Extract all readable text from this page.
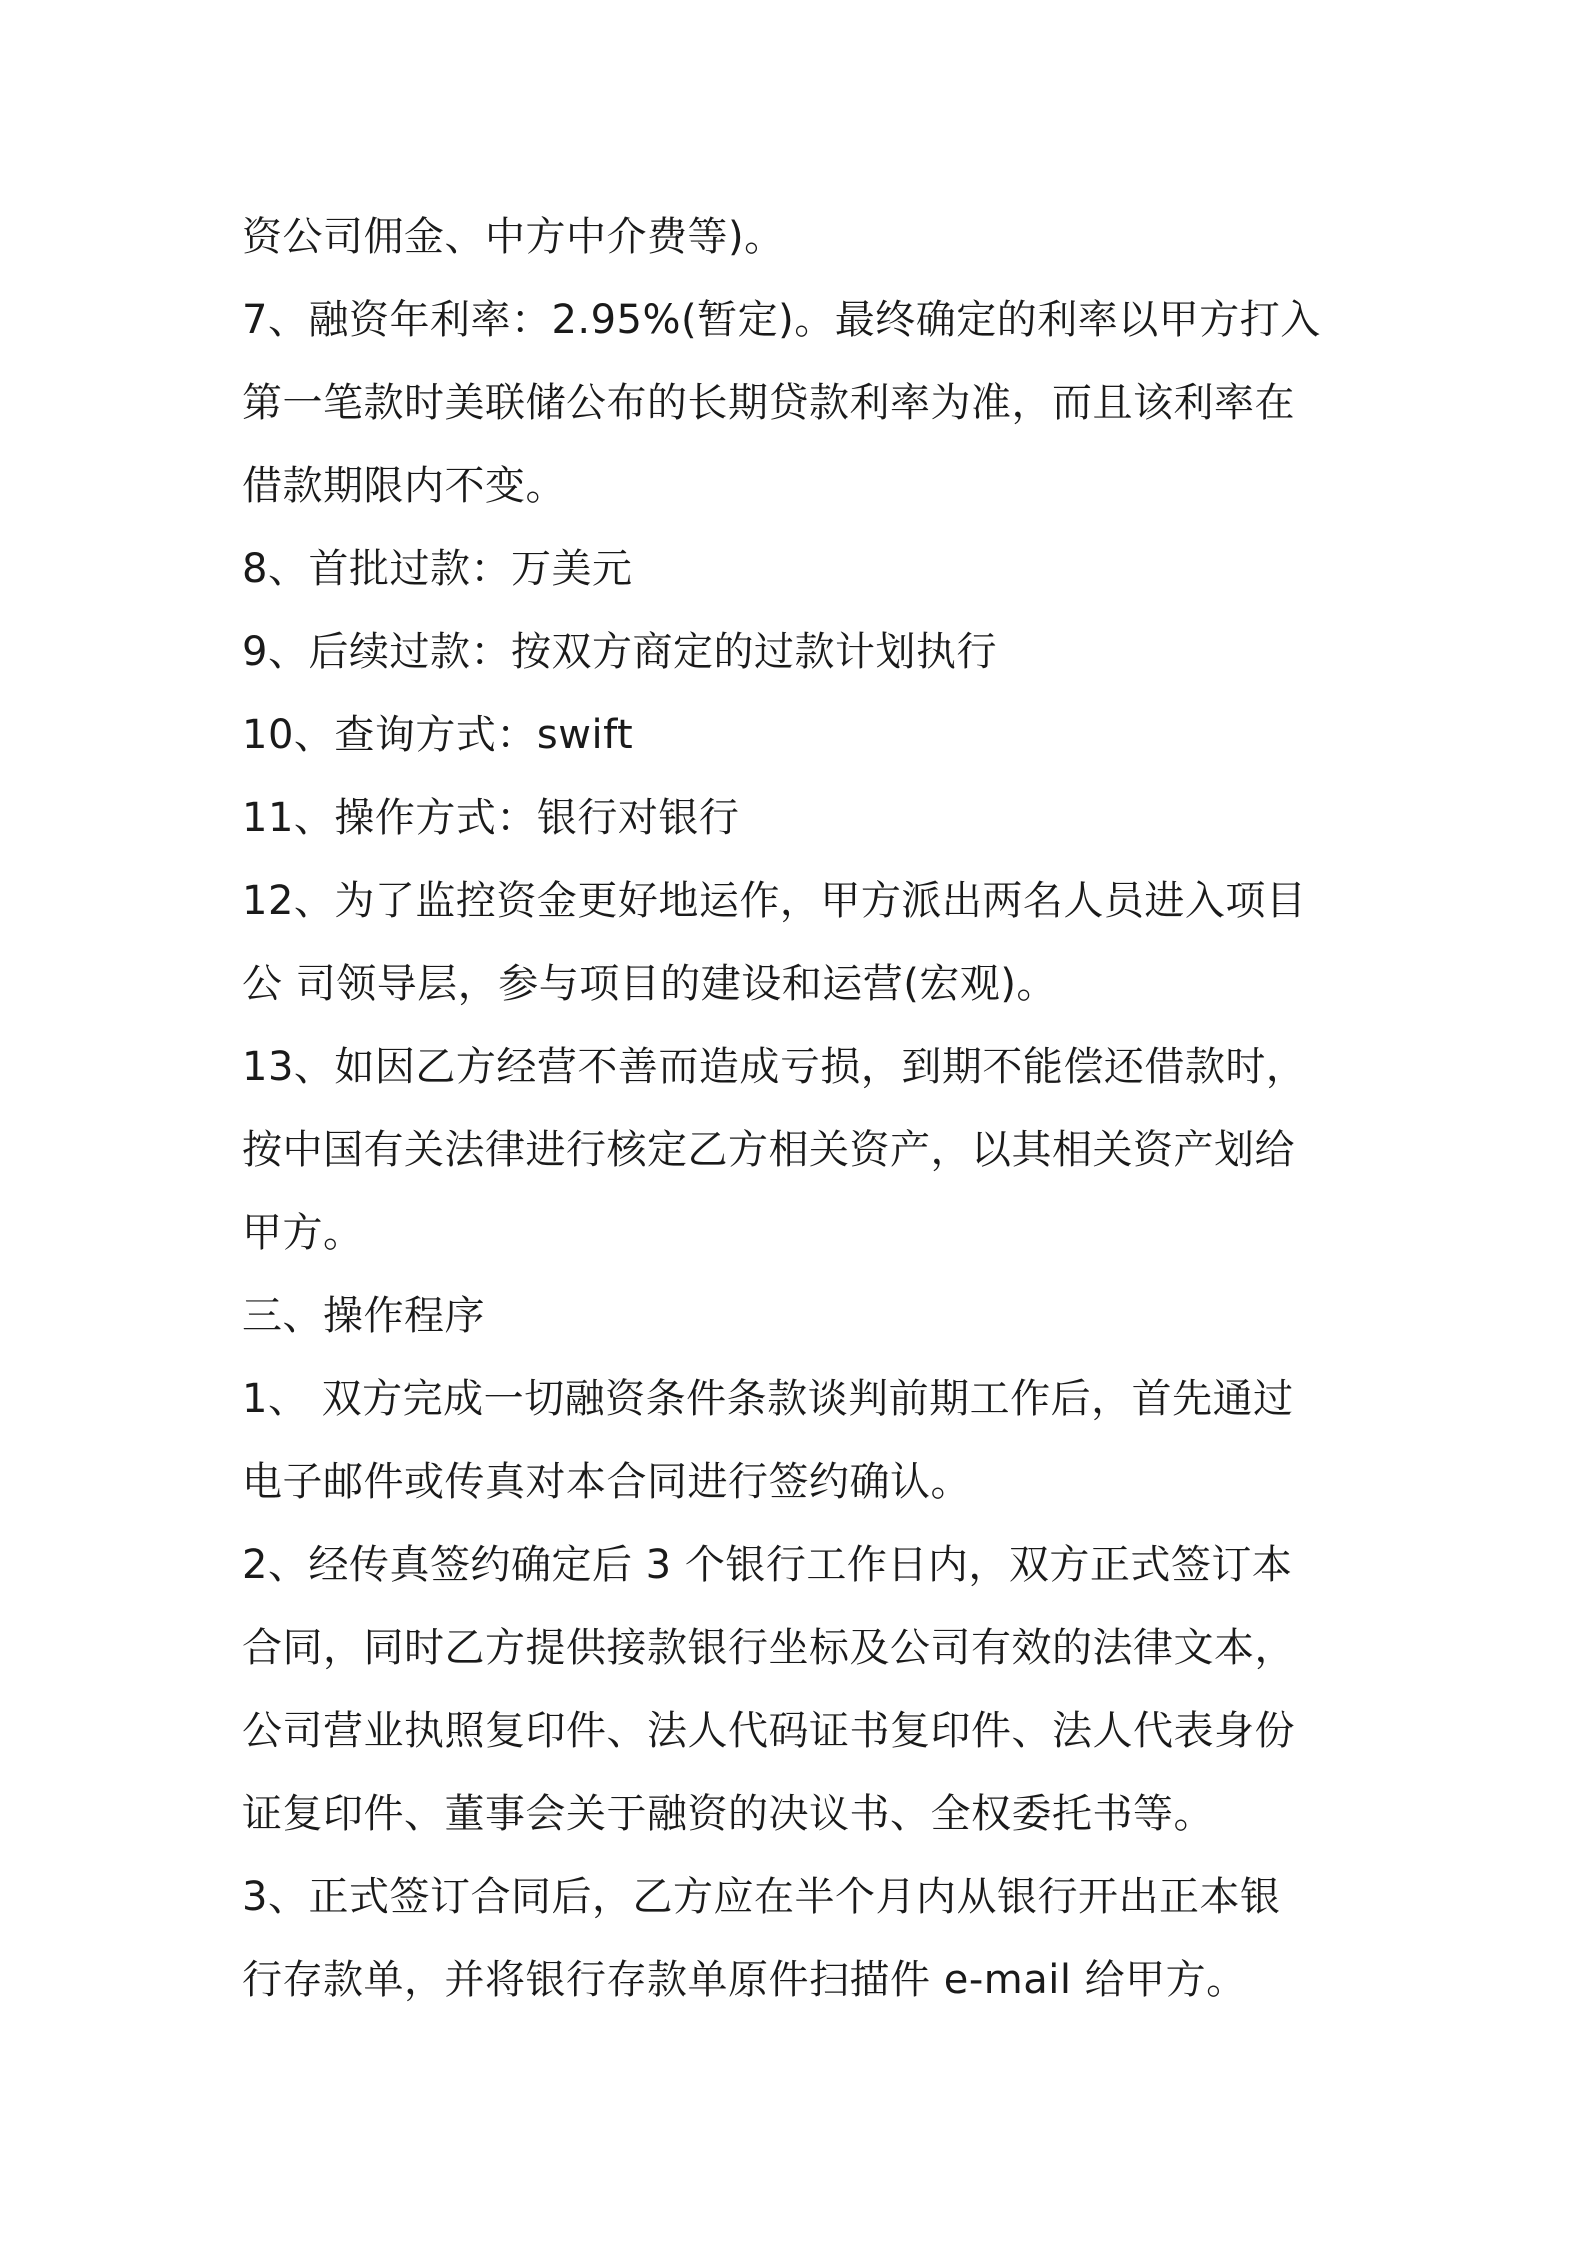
资公司佣金、中方中介费等)。
7、融资年利率：2.95%(暂定)。最终确定的利率以甲方打入
第一笔款时美联储公布的长期贷款利率为准，而且该利率在
借款期限内不变。
8、首批过款：万美元
9、后续过款：按双方商定的过款计划执行
10、查询方式：swift
11、操作方式：银行对银行
12、为了监控资金更好地运作，甲方派出两名人员进入项目
公 司领导层，参与项目的建设和运营(宏观)。
13、如因乙方经营不善而造成亏损，到期不能偿还借款时，
按中国有关法律进行核定乙方相关资产，以其相关资产划给
甲方。
三、操作程序
1、 双方完成一切融资条件条款谈判前期工作后，首先通过
电子邮件或传真对本合同进行签约确认。
2、经传真签约确定后 3 个银行工作日内，双方正式签订本
合同，同时乙方提供接款银行坐标及公司有效的法律文本，
公司营业执照复印件、法人代码证书复印件、法人代表身份
证复印件、董事会关于融资的决议书、全权委托书等。
3、正式签订合同后，乙方应在半个月内从银行开出正本银
行存款单，并将银行存款单原件扫描件 e-mail 给甲方。
